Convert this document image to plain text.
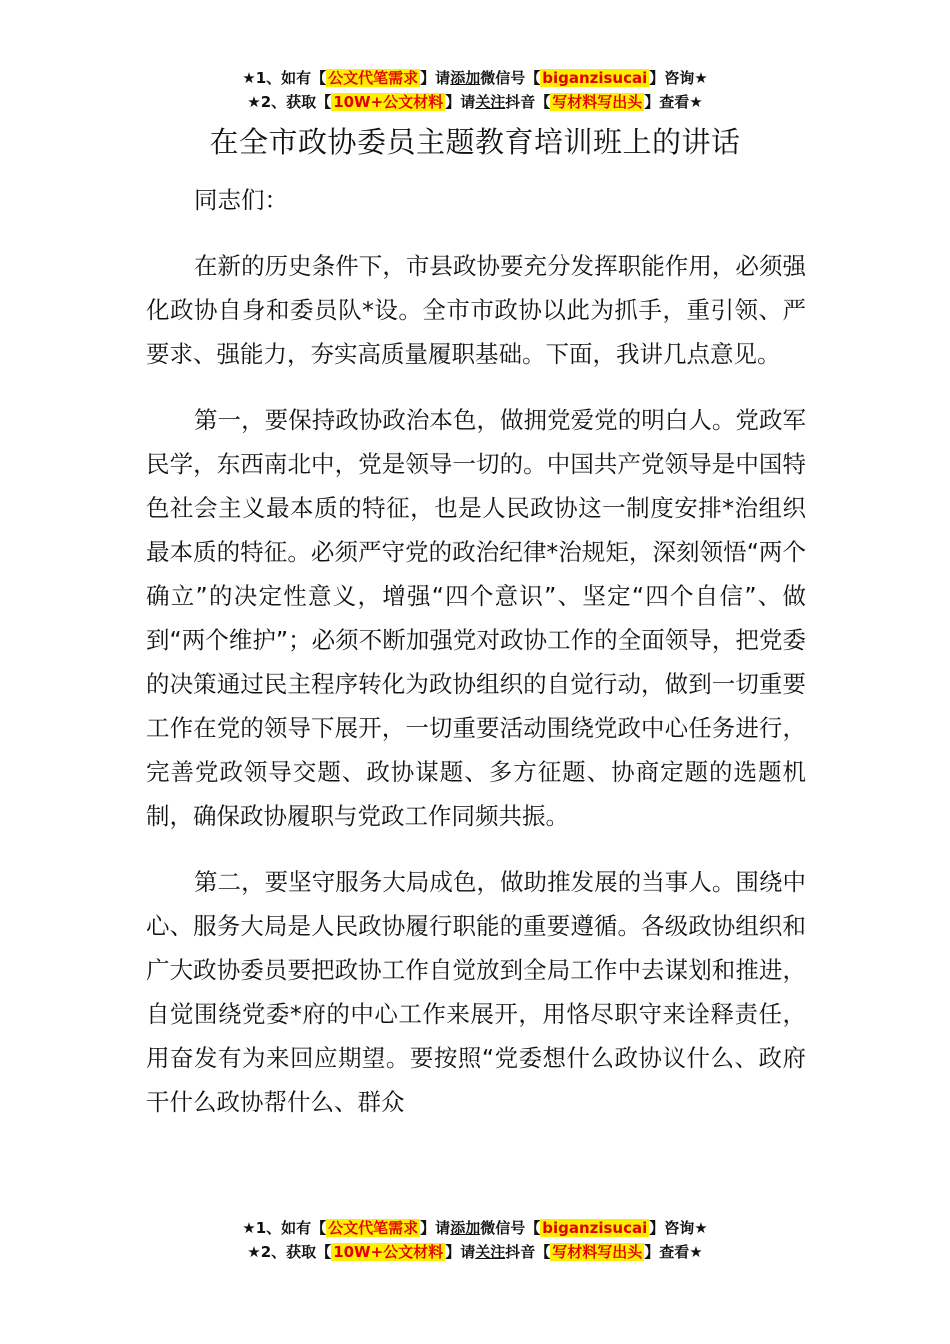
★1、如有【 公文代笔需求 】请添加微信号【 biganzisucai 】咨询★
★2、获取【 10W+公文材料 】请关注抖音【 写材料写出头 】查看★
在全市政协委员主题教育培训班上的讲话

同志们：

在新的历史条件下，市县政协要充分发挥职能作用，必须强化政协自身和委员队*设。全市市政协以此为抓手，重引领、严要求、强能力，夯实高质量履职基础。下面，我讲几点意见。

第一，要保持政协政治本色，做拥党爱党的明白人。党政军民学，东西南北中，党是领导一切的。中国共产党领导是中国特色社会主义最本质的特征，也是人民政协这一制度安排*治组织最本质的特征。必须严守党的政治纪律*治规矩，深刻领悟“两个确立”的决定性意义，增强“四个意识”、坚定“四个自信”、做到“两个维护”；必须不断加强党对政协工作的全面领导，把党委的决策通过民主程序转化为政协组织的自觉行动，做到一切重要工作在党的领导下展开，一切重要活动围绕党政中心任务进行，完善党政领导交题、政协谋题、多方征题、协商定题的选题机制，确保政协履职与党政工作同频共振。

第二，要坚守服务大局成色，做助推发展的当事人。围绕中心、服务大局是人民政协履行职能的重要遵循。各级政协组织和广大政协委员要把政协工作自觉放到全局工作中去谋划和推进，自觉围绕党委*府的中心工作来展开，用恪尽职守来诠释责任，用奋发有为来回应期望。要按照“党委想什么政协议什么、政府干什么政协帮什么、群众

★1、如有【 公文代笔需求 】请添加微信号【 biganzisucai 】咨询★
★2、获取【 10W+公文材料 】请关注抖音【 写材料写出头 】查看★
